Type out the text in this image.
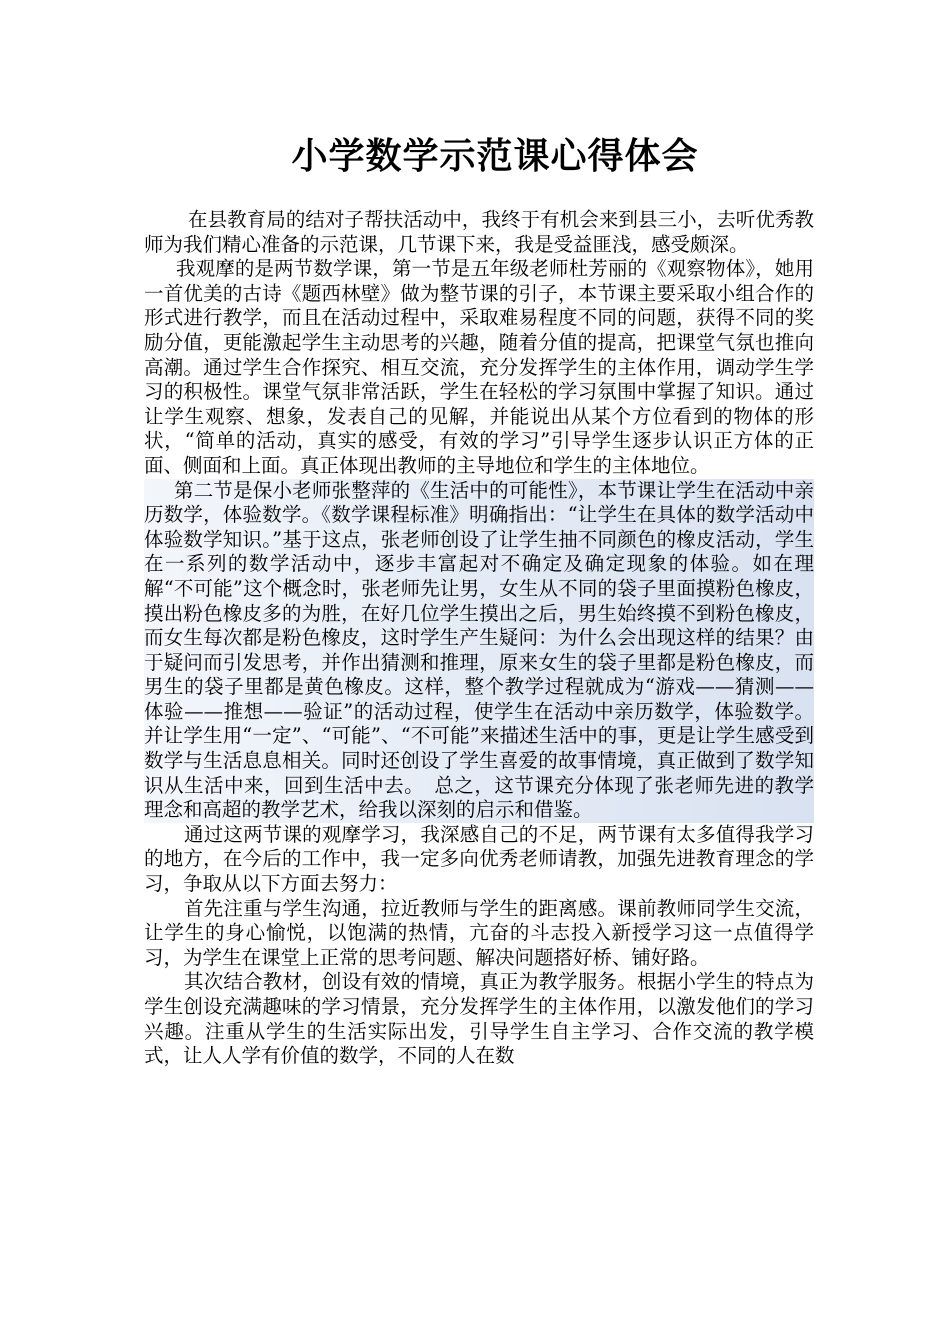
小学数学示范课心得体会

在县教育局的结对子帮扶活动中，我终于有机会来到县三小，去听优秀教师为我们精心准备的示范课，几节课下来，我是受益匪浅，感受颇深。

我观摩的是两节数学课，第一节是五年级老师杜芳丽的《观察物体》，她用一首优美的古诗《题西林壁》做为整节课的引子，本节课主要采取小组合作的形式进行教学，而且在活动过程中，采取难易程度不同的问题，获得不同的奖励分值，更能激起学生主动思考的兴趣，随着分值的提高，把课堂气氛也推向高潮。通过学生合作探究、相互交流，充分发挥学生的主体作用，调动学生学习的积极性。课堂气氛非常活跃，学生在轻松的学习氛围中掌握了知识。通过让学生观察、想象，发表自己的见解，并能说出从某个方位看到的物体的形状，“简单的活动，真实的感受，有效的学习”引导学生逐步认识正方体的正面、侧面和上面。真正体现出教师的主导地位和学生的主体地位。

第二节是保小老师张整萍的《生活中的可能性》，本节课让学生在活动中亲历数学，体验数学。《数学课程标准》明确指出：“让学生在具体的数学活动中体验数学知识。”基于这点，张老师创设了让学生抽不同颜色的橡皮活动，学生在一系列的数学活动中，逐步丰富起对不确定及确定现象的体验。如在理解“不可能”这个概念时，张老师先让男，女生从不同的袋子里面摸粉色橡皮，摸出粉色橡皮多的为胜，在好几位学生摸出之后，男生始终摸不到粉色橡皮，而女生每次都是粉色橡皮，这时学生产生疑问：为什么会出现这样的结果？由于疑问而引发思考，并作出猜测和推理，原来女生的袋子里都是粉色橡皮，而男生的袋子里都是黄色橡皮。这样，整个教学过程就成为“游戏——猜测——体验——推想——验证”的活动过程，使学生在活动中亲历数学，体验数学。并让学生用“一定”、“可能”、“不可能”来描述生活中的事，更是让学生感受到数学与生活息息相关。同时还创设了学生喜爱的故事情境，真正做到了数学知识从生活中来，回到生活中去。　总之，这节课充分体现了张老师先进的教学理念和高超的教学艺术，给我以深刻的启示和借鉴。

通过这两节课的观摩学习，我深感自己的不足，两节课有太多值得我学习的地方，在今后的工作中，我一定多向优秀老师请教，加强先进教育理念的学习，争取从以下方面去努力：

首先注重与学生沟通，拉近教师与学生的距离感。课前教师同学生交流，让学生的身心愉悦，以饱满的热情，亢奋的斗志投入新授学习这一点值得学习，为学生在课堂上正常的思考问题、解决问题搭好桥、铺好路。

其次结合教材，创设有效的情境，真正为教学服务。根据小学生的特点为学生创设充满趣味的学习情景，充分发挥学生的主体作用，以激发他们的学习兴趣。注重从学生的生活实际出发，引导学生自主学习、合作交流的教学模式，让人人学有价值的数学，不同的人在数
